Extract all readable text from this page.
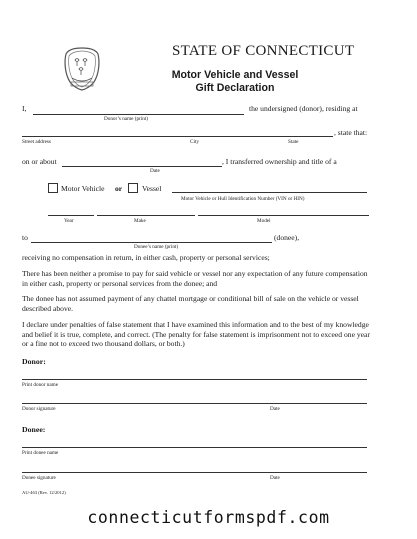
STATE OF CONNECTICUT
Motor Vehicle and Vessel
Gift Declaration
I,	the undersigned (donor), residing at
Donor’s name (print)
, state that:
Street address	City	State
on or about	, I transferred ownership and title of a
Date
Motor Vehicle or	Vessel
Motor Vehicle or Hull Identification Number (VIN or HIN)
Year	Make	Model
to	(donee),
Donee’s name (print)
receiving no compensation in return, in either cash, property or personal services;
There has been neither a promise to pay for said vehicle or vessel nor any expectation of any future compensation in either cash, property or personal services from the donee; and
The donee has not assumed payment of any chattel mortgage or conditional bill of sale on the vehicle or vessel described above.
I declare under penalties of false statement that I have examined this information and to the best of my knowledge and belief it is true, complete, and correct. (The penalty for false statement is imprisonment not to exceed one year or a fine not to exceed two thousand dollars, or both.)
Donor:
Print donor name
Donor signature	Date
Donee:
Print donee name
Donee signature	Date
AU-463 (Rev. 12/2012)
connecticutformspdf.com
